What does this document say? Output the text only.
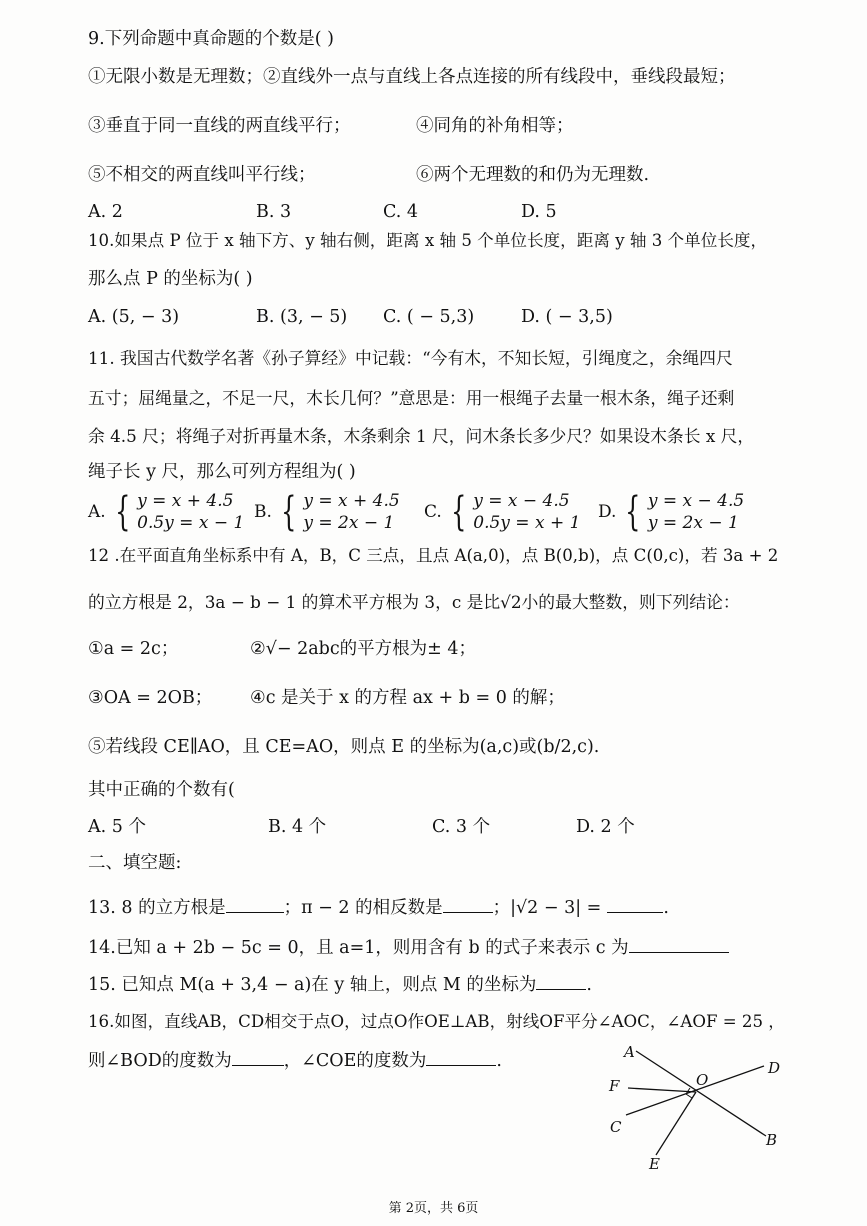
9.下列命题中真命题的个数是( )
①无限小数是无理数；②直线外一点与直线上各点连接的所有线段中，垂线段最短；
③垂直于同一直线的两直线平行；	④同角的补角相等；
⑤不相交的两直线叫平行线；	⑥两个无理数的和仍为无理数.
A. 2	B. 3	C. 4	D. 5
10.如果点 P 位于 x 轴下方、y 轴右侧，距离 x 轴 5 个单位长度，距离 y 轴 3 个单位长度，
那么点 P 的坐标为( )
A. (5, − 3)	B. (3, − 5) C. ( − 5,3)	D. ( − 3,5)
11. 我国古代数学名著《孙子算经》中记载：“今有木，不知长短，引绳度之，余绳四尺
五寸；屈绳量之，不足一尺，木长几何？”意思是：用一根绳子去量一根木条，绳子还剩
余 4.5 尺；将绳子对折再量木条，木条剩余 1 尺，问木条长多少尺？如果设木条长 x 尺，
绳子长 y 尺，那么可列方程组为( )
A. { y = x + 4.5
0.5y = x − 1
B. { y = x + 4.5
y = 2x − 1
C. { y = x − 4.5
0.5y = x + 1
D. { y = x − 4.5
y = 2x − 1
12 .在平面直角坐标系中有 A，B，C 三点，且点 A(a,0)，点 B(0,b)，点 C(0,c)，若 3a + 2
的立方根是 2，3a − b − 1 的算术平方根为 3，c 是比√2小的最大整数，则下列结论：
①a = 2c；	②√− 2abc的平方根为± 4；
③OA = 2OB； ④c 是关于 x 的方程 ax + b = 0 的解；
⑤若线段 CE∥AO，且 CE=AO，则点 E 的坐标为(a,c)或(b/2,c).
其中正确的个数有(
A. 5 个	B. 4 个	C. 3 个	D. 2 个
二、填空题:
13. 8 的立方根是	；π − 2 的相反数是	；|√2 − 3| =	.
14.已知 a + 2b − 5c = 0，且 a=1，则用含有 b 的式子来表示 c 为
15. 已知点 M(a + 3,4 − a)在 y 轴上，则点 M 的坐标为	.
16.如图，直线AB，CD相交于点O，过点O作OE⊥AB，射线OF平分∠AOC，∠AOF = 25 ，
则∠BOD的度数为	，∠COE的度数为	.	A
D
F	O
C
B
E
第 2页，共 6页
